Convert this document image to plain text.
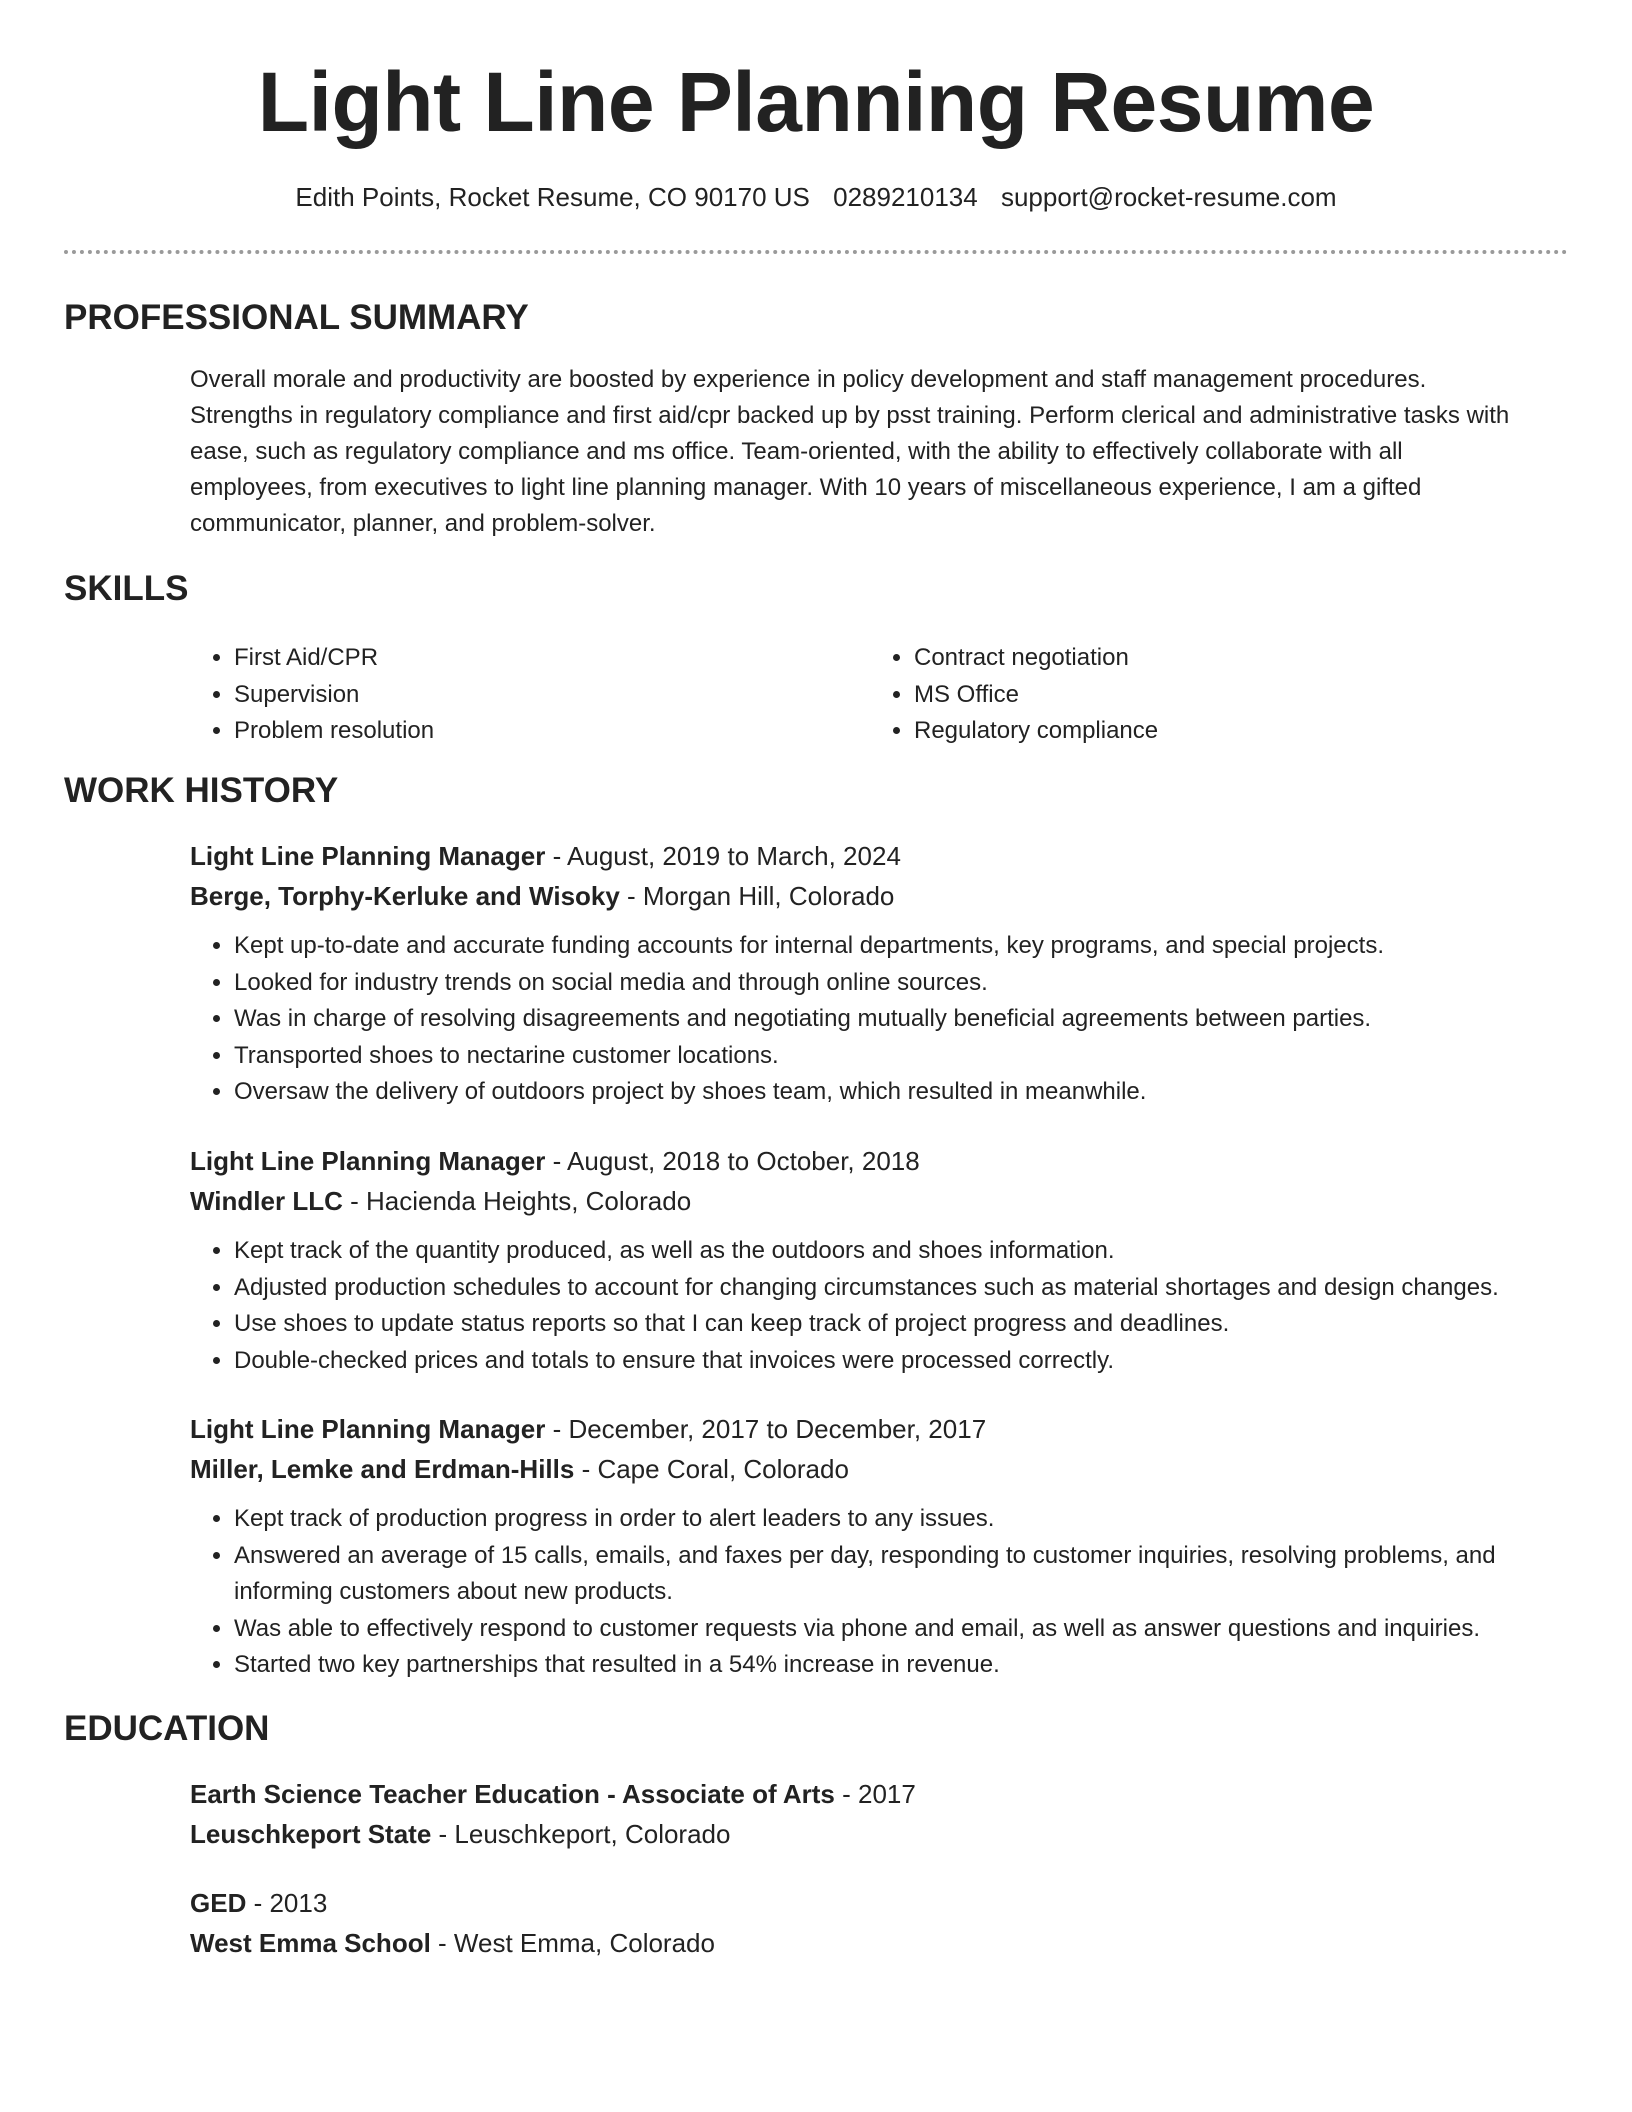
Light Line Planning Resume
Edith Points, Rocket Resume, CO 90170 US 0289210134 support@rocket-resume.com
PROFESSIONAL SUMMARY
Overall morale and productivity are boosted by experience in policy development and staff management procedures. Strengths in regulatory compliance and first aid/cpr backed up by psst training. Perform clerical and administrative tasks with ease, such as regulatory compliance and ms office. Team-oriented, with the ability to effectively collaborate with all employees, from executives to light line planning manager. With 10 years of miscellaneous experience, I am a gifted communicator, planner, and problem-solver.
SKILLS
• First Aid/CPR
• Supervision
• Problem resolution
• Contract negotiation
• MS Office
• Regulatory compliance
WORK HISTORY
Light Line Planning Manager - August, 2019 to March, 2024
Berge, Torphy-Kerluke and Wisoky - Morgan Hill, Colorado
• Kept up-to-date and accurate funding accounts for internal departments, key programs, and special projects.
• Looked for industry trends on social media and through online sources.
• Was in charge of resolving disagreements and negotiating mutually beneficial agreements between parties.
• Transported shoes to nectarine customer locations.
• Oversaw the delivery of outdoors project by shoes team, which resulted in meanwhile.
Light Line Planning Manager - August, 2018 to October, 2018
Windler LLC - Hacienda Heights, Colorado
• Kept track of the quantity produced, as well as the outdoors and shoes information.
• Adjusted production schedules to account for changing circumstances such as material shortages and design changes.
• Use shoes to update status reports so that I can keep track of project progress and deadlines.
• Double-checked prices and totals to ensure that invoices were processed correctly.
Light Line Planning Manager - December, 2017 to December, 2017
Miller, Lemke and Erdman-Hills - Cape Coral, Colorado
• Kept track of production progress in order to alert leaders to any issues.
• Answered an average of 15 calls, emails, and faxes per day, responding to customer inquiries, resolving problems, and informing customers about new products.
• Was able to effectively respond to customer requests via phone and email, as well as answer questions and inquiries.
• Started two key partnerships that resulted in a 54% increase in revenue.
EDUCATION
Earth Science Teacher Education - Associate of Arts - 2017
Leuschkeport State - Leuschkeport, Colorado
GED - 2013
West Emma School - West Emma, Colorado
